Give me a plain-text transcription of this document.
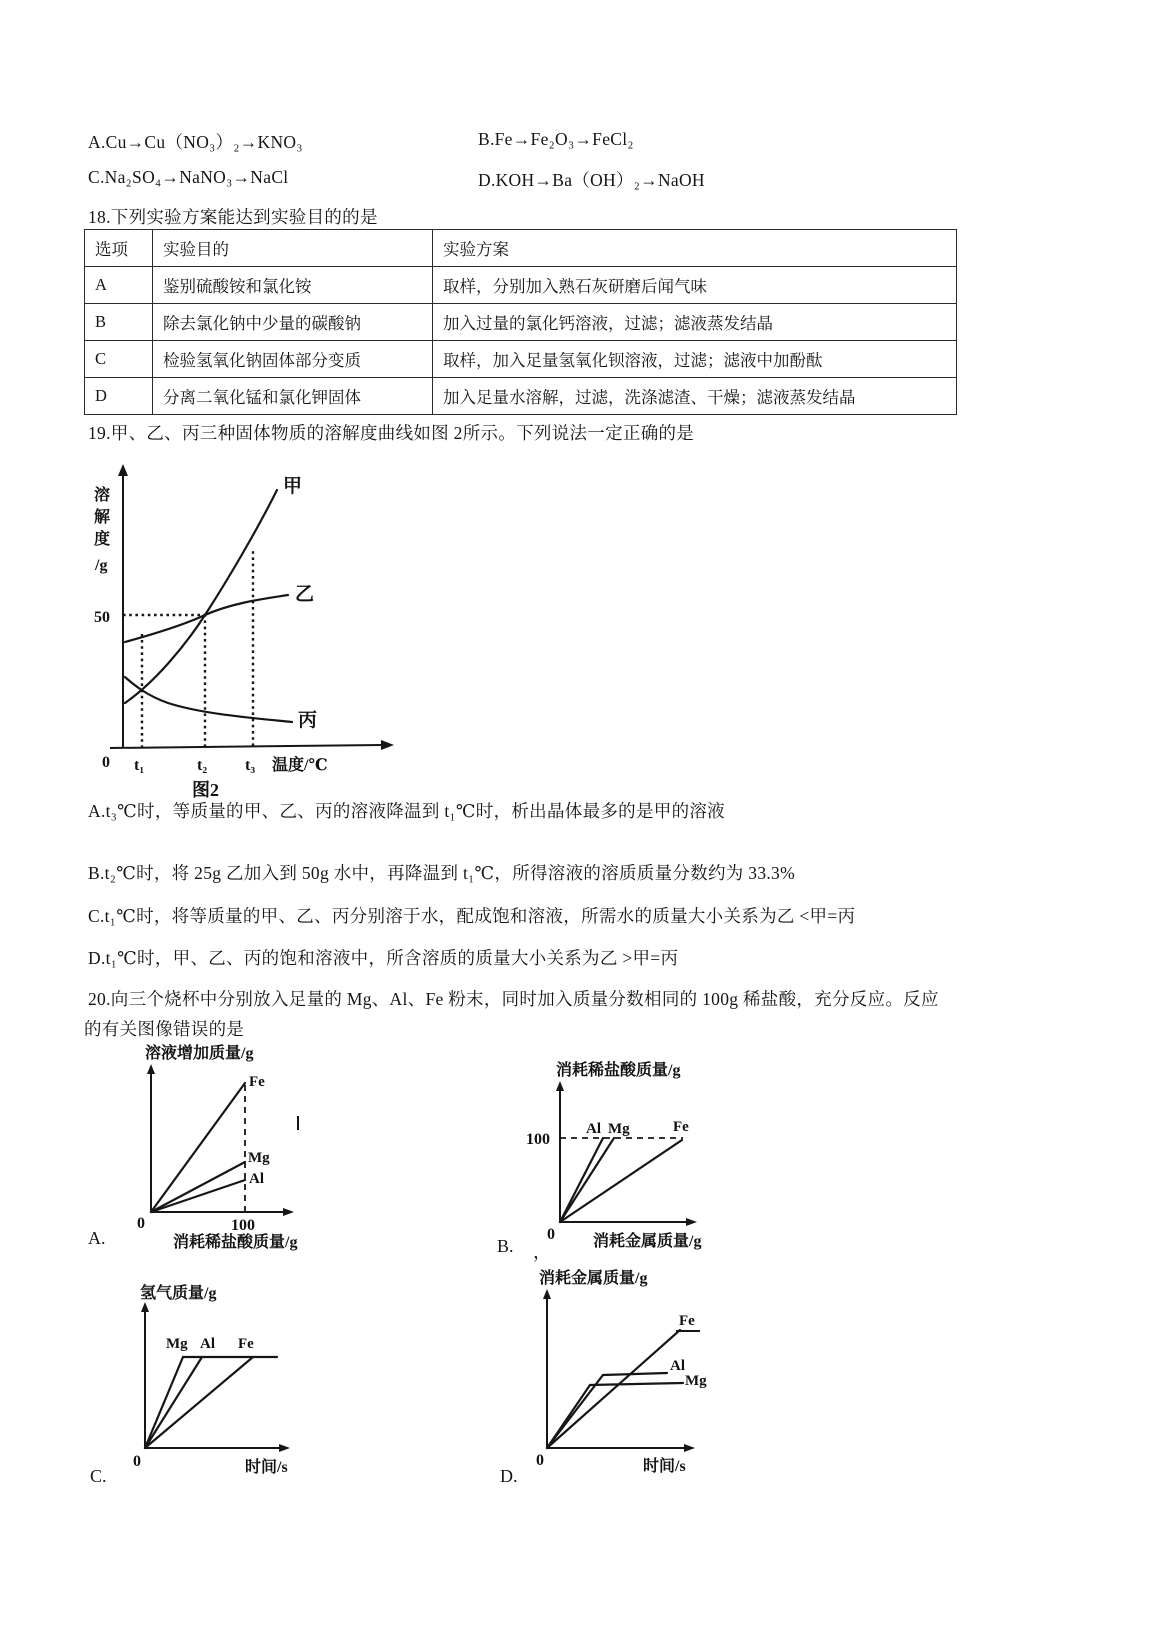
A.Cu→Cu（NO₃）₂→KNO₃	B.Fe→Fe₂O₃→FeCl₂
C.Na₂SO₄→NaNO₃→NaCl	D.KOH→Ba（OH）₂→NaOH
18.下列实验方案能达到实验目的的是
选项	实验目的	实验方案
A	鉴别硫酸铵和氯化铵	取样，分别加入熟石灰研磨后闻气味
B	除去氯化钠中少量的碳酸钠	加入过量的氯化钙溶液，过滤；滤液蒸发结晶
C	检验氢氧化钠固体部分变质	取样，加入足量氢氧化钡溶液，过滤；滤液中加酚酞
D	分离二氧化锰和氯化钾固体	加入足量水溶解，过滤，洗涤滤渣、干燥；滤液蒸发结晶
19.甲、乙、丙三种固体物质的溶解度曲线如图 2所示。下列说法一定正确的是
溶
解
度
/g
50
甲
乙
丙
0 t₁	t₂ t₃ 温度/℃
图2
A.t₃℃时，等质量的甲、乙、丙的溶液降温到 t₁℃时，析出晶体最多的是甲的溶液
B.t₂℃时，将 25g 乙加入到 50g 水中，再降温到 t₁℃，所得溶液的溶质质量分数约为 33.3%
C.t₁℃时，将等质量的甲、乙、丙分别溶于水，配成饱和溶液，所需水的质量大小关系为乙 <甲=丙
D.t₁℃时，甲、乙、丙的饱和溶液中，所含溶质的质量大小关系为乙 >甲=丙
20.向三个烧杯中分别放入足量的 Mg、Al、Fe 粉末，同时加入质量分数相同的 100g 稀盐酸，充分反应。反应
的有关图像错误的是
溶液增加质量/g
Fe
Mg
Al
0	100
消耗稀盐酸质量/g
A.
消耗稀盐酸质量/g
100
Al Mg	Fe
0 消耗金属质量/g
B. ，
氢气质量/g
Mg Al Fe
0	时间/s
C.
消耗金属质量/g
Fe
Al
Mg
0	时间/s
D.
